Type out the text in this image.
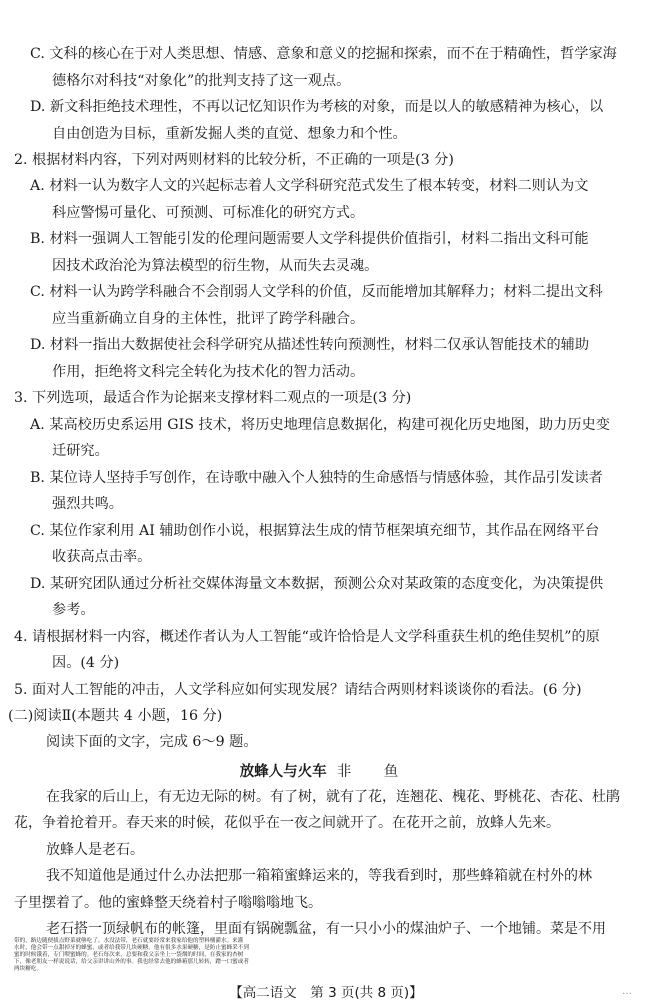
C. 文科的核心在于对人类思想、情感、意象和意义的挖掘和探索，而不在于精确性，哲学家海
德格尔对科技“对象化”的批判支持了这一观点。
D. 新文科拒绝技术理性，不再以记忆知识作为考核的对象，而是以人的敏感精神为核心，以
自由创造为目标，重新发掘人类的直觉、想象力和个性。
2. 根据材料内容，下列对两则材料的比较分析，不正确的一项是(3 分)
A. 材料一认为数字人文的兴起标志着人文学科研究范式发生了根本转变，材料二则认为文
科应警惕可量化、可预测、可标准化的研究方式。
B. 材料一强调人工智能引发的伦理问题需要人文学科提供价值指引，材料二指出文科可能
因技术政治沦为算法模型的衍生物，从而失去灵魂。
C. 材料一认为跨学科融合不会削弱人文学科的价值，反而能增加其解释力；材料二提出文科
应当重新确立自身的主体性，批评了跨学科融合。
D. 材料一指出大数据使社会科学研究从描述性转向预测性，材料二仅承认智能技术的辅助
作用，拒绝将文科完全转化为技术化的智力活动。
3. 下列选项，最适合作为论据来支撑材料二观点的一项是(3 分)
A. 某高校历史系运用 GIS 技术，将历史地理信息数据化，构建可视化历史地图，助力历史变
迁研究。
B. 某位诗人坚持手写创作，在诗歌中融入个人独特的生命感悟与情感体验，其作品引发读者
强烈共鸣。
C. 某位作家利用 AI 辅助创作小说，根据算法生成的情节框架填充细节，其作品在网络平台
收获高点击率。
D. 某研究团队通过分析社交媒体海量文本数据，预测公众对某政策的态度变化，为决策提供
参考。
4. 请根据材料一内容，概述作者认为人工智能“或许恰恰是人文学科重获生机的绝佳契机”的原
因。(4 分)
5. 面对人工智能的冲击，人文学科应如何实现发展？请结合两则材料谈谈你的看法。(6 分)
(二)阅读Ⅱ(本题共 4 小题，16 分)
阅读下面的文字，完成 6～9 题。
放蜂人与火车 非 鱼
在我家的后山上，有无边无际的树。有了树，就有了花，连翘花、槐花、野桃花、杏花、杜鹃
花，争着抢着开。春天来的时候，花似乎在一夜之间就开了。在花开之前，放蜂人先来。
放蜂人是老石。
我不知道他是通过什么办法把那一箱箱蜜蜂运来的，等我看到时，那些蜂箱就在村外的林
子里摆着了。他的蜜蜂整天绕着村子嗡嗡嗡地飞。
老石搭一顶绿帆布的帐篷，里面有锅碗瓢盆，有一只小小的煤油炉子、一个地铺。菜是不用
【高二语文　第 3 页(共 8 页)】	…
带的，路边随便拔点野菜就够吃了。水没法带，老石就要经常来我家给他的塑料桶灌水。来灌
水时，他会带一点甜掉牙的蜂蜜，或者给我带几块硬糖。他有很多水果硬糖，是防止蜜蜂采不到
蜜的时候饿着，专门喂蜜蜂的。老石每次来，总要和我父亲坐上一袋烟的时间，在我家的杏树
下，像老朋友一样说说话，给父亲讲讲山外的事。我也经常去他的蜂箱那儿转转，蹭一口蜜或者
两块糖吃。
